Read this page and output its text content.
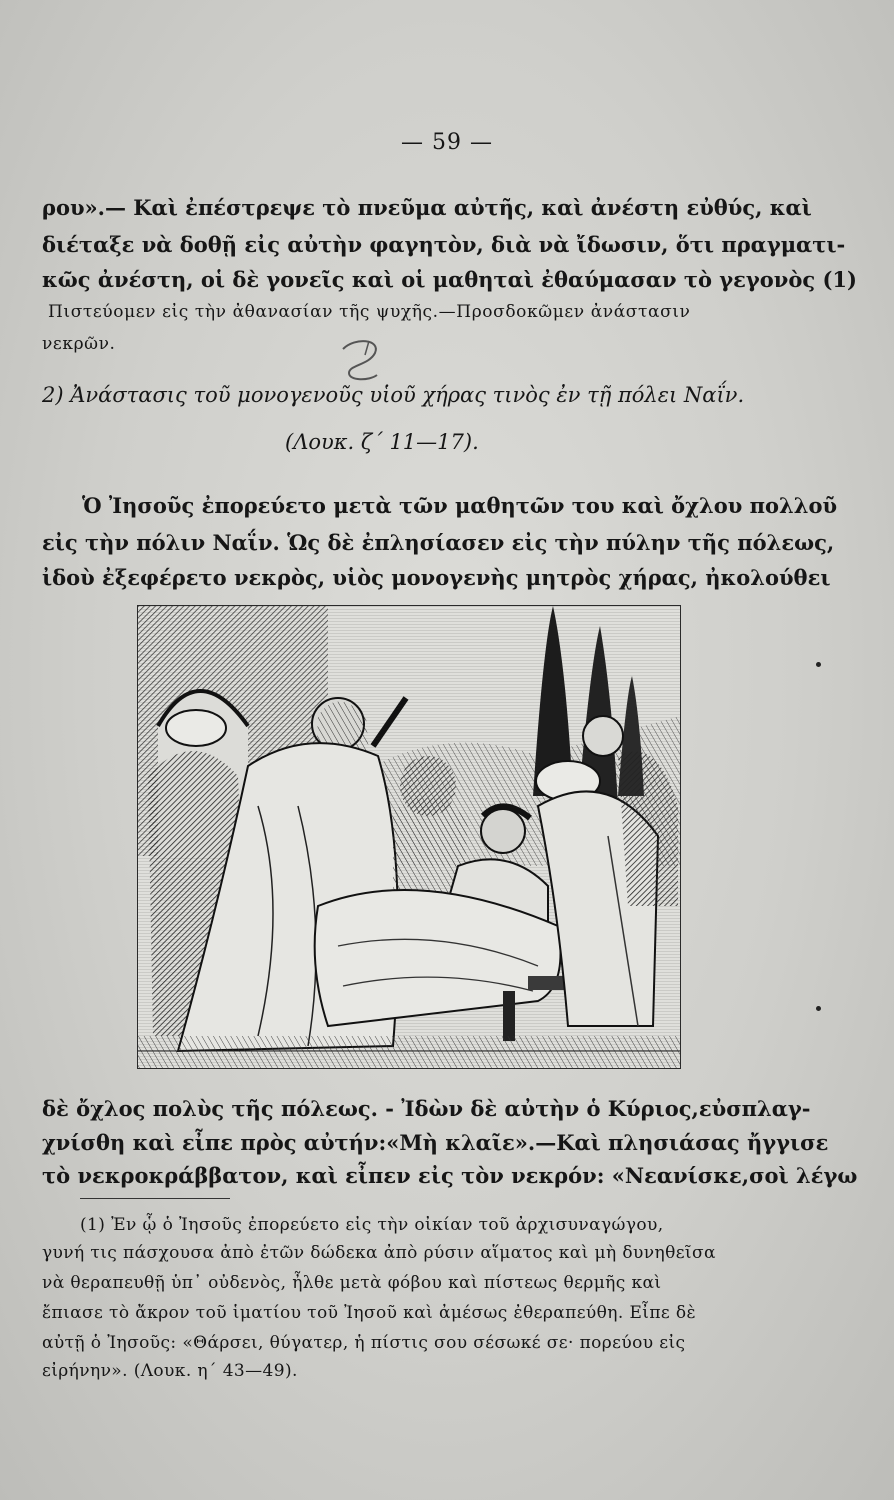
— 59 —
ρου».— Καὶ ἐπέστρεψε τὸ πνεῦμα αὐτῆς, καὶ ἀνέστη εὐθύς, καὶ
διέταξε νὰ δοθῇ εἰς αὐτὴν φαγητὸν, διὰ νὰ ἴδωσιν, ὅτι πραγματι-
κῶς ἀνέστη, οἱ δὲ γονεῖς καὶ οἱ μαθηταὶ ἐθαύμασαν τὸ γεγονὸς (1)
Πιστεύομεν εἰς τὴν ἀθανασίαν τῆς ψυχῆς.—Προσδοκῶμεν ἀνάστασιν
νεκρῶν.
2) Ἀνάστασις τοῦ μονογενοῦς υἱοῦ χήρας τινὸς ἐν τῇ πόλει Ναΐν.
(Λουκ. ζ΄ 11—17).
Ὁ Ἰησοῦς ἐπορεύετο μετὰ τῶν μαθητῶν του καὶ ὄχλου πολλοῦ
εἰς τὴν πόλιν Ναΐν. Ὡς δὲ ἐπλησίασεν εἰς τὴν πύλην τῆς πόλεως,
ἰδοὺ ἐξεφέρετο νεκρὸς, υἱὸς μονογενὴς μητρὸς χήρας, ἠκολούθει
δὲ ὄχλος πολὺς τῆς πόλεως. - Ἰδὼν δὲ αὐτὴν ὁ Κύριος,εὐσπλαγ-
χνίσθη καὶ εἶπε πρὸς αὐτήν:«Μὴ κλαῖε».—Καὶ πλησιάσας ἤγγισε
τὸ νεκροκράββατον, καὶ εἶπεν εἰς τὸν νεκρόν: «Νεανίσκε,σοὶ λέγω
(1) Ἐν ᾧ ὁ Ἰησοῦς ἐπορεύετο εἰς τὴν οἰκίαν τοῦ ἀρχισυναγώγου,
γυνή τις πάσχουσα ἀπὸ ἐτῶν δώδεκα ἀπὸ ρύσιν αἵματος καὶ μὴ δυνηθεῖσα
νὰ θεραπευθῇ ὑπ᾽ οὐδενὸς, ἦλθε μετὰ φόβου καὶ πίστεως θερμῆς καὶ
ἔπιασε τὸ ἄκρον τοῦ ἱματίου τοῦ Ἰησοῦ καὶ ἀμέσως ἐθεραπεύθη. Εἶπε δὲ
αὐτῇ ὁ Ἰησοῦς: «Θάρσει, θύγατερ, ἡ πίστις σου σέσωκέ σε· πορεύου εἰς
εἰρήνην». (Λουκ. η΄ 43—49).
